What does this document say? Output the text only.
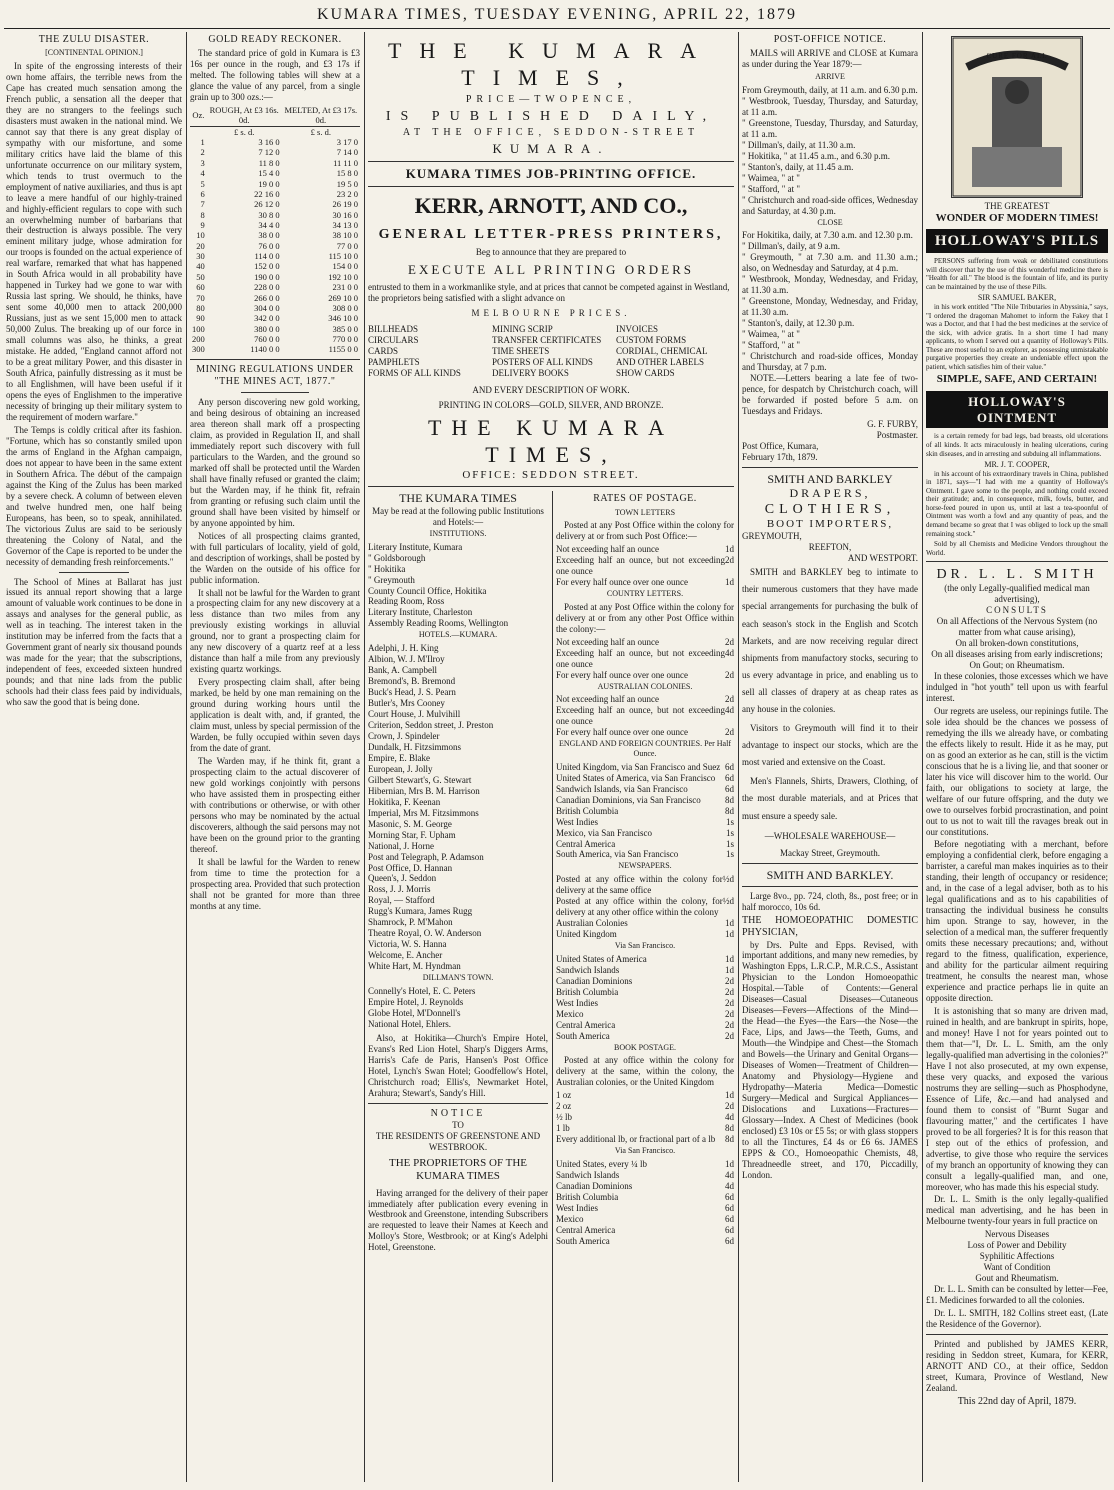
KUMARA TIMES, TUESDAY EVENING, APRIL 22, 1879
THE ZULU DISASTER.
[CONTINENTAL OPINION.]

In spite of the engrossing interests of their own home affairs, the terrible news from the Cape has created much sensation among the French public, a sensation all the deeper that they are no strangers to the feelings such disasters must awaken in the national mind. We cannot say that there is any great display of sympathy with our misfortune, and some military critics have laid the blame of this unfortunate occurrence on our military system, which tends to trust overmuch to the employment of native auxiliaries, and thus is apt to leave a mere handful of our highly-trained and highly-efficient regulars to cope with such an overwhelming number of barbarians that their destruction is always possible. The very eminent military judge, whose admiration for our troops is founded on the actual experience of real warfare, remarked that what has happened in South Africa would in all probability have happened in Turkey had we gone to war with Russia last spring. We should, he thinks, have sent some 40,000 men to attack 200,000 Russians, just as we sent 15,000 men to attack 50,000 Zulus. The breaking up of our force in small columns was also, he thinks, a great mistake. He added, "England cannot afford not to be a great military Power, and this disaster in South Africa, painfully distressing as it must be to all Englishmen, will have been useful if it opens the eyes of Englishmen to the imperative necessity of bringing up their military system to the requirement of modern warfare."

The Temps is coldly critical after its fashion. "Fortune, which has so constantly smiled upon the arms of England in the Afghan campaign, does not appear to have been in the same extent in Southern Africa. The début of the campaign against the King of the Zulus has been marked by a severe check. A column of between eleven and twelve hundred men, one half being Europeans, has been, so to speak, annihilated. The victorious Zulus are said to be seriously threatening the Colony of Natal, and the Governor of the Cape is reported to be under the necessity of demanding fresh reinforcements."

The School of Mines at Ballarat has just issued its annual report showing that a large amount of valuable work continues to be done in assays and analyses for the general public, as well as in teaching. The interest taken in the institution may be inferred from the facts that a Government grant of nearly six thousand pounds was made for the year; that the subscriptions, independent of fees, exceeded sixteen hundred pounds; and that nine lads from the public schools had their class fees paid by individuals, who saw the good that is being done.

GOLD READY RECKONER.

The standard price of gold in Kumara is £3 16s per ounce in the rough, and £3 17s if melted. The following tables will shew at a glance the value of any parcel, from a single grain up to 300 ozs.:—

Oz.	ROUGH, At £3 16s. 0d.	MELTED, At £3 17s. 0d.
	£ s. d.	£ s. d.
1	3 16 0	3 17 0
2	7 12 0	7 14 0
3	11 8 0	11 11 0
4	15 4 0	15 8 0
5	19 0 0	19 5 0
6	22 16 0	23 2 0
7	26 12 0	26 19 0
8	30 8 0	30 16 0
9	34 4 0	34 13 0
10	38 0 0	38 10 0
20	76 0 0	77 0 0
30	114 0 0	115 10 0
40	152 0 0	154 0 0
50	190 0 0	192 10 0
60	228 0 0	231 0 0
70	266 0 0	269 10 0
80	304 0 0	308 0 0
90	342 0 0	346 10 0
100	380 0 0	385 0 0
200	760 0 0	770 0 0
300	1140 0 0	1155 0 0
MINING REGULATIONS UNDER "THE MINES ACT, 1877."

Any person discovering new gold working, and being desirous of obtaining an increased area thereon shall mark off a prospecting claim, as provided in Regulation II, and shall immediately report such discovery with full particulars to the Warden, and the ground so marked off shall be protected until the Warden shall have finally refused or granted the claim; but the Warden may, if he think fit, refrain from granting or refusing such claim until the ground shall have been visited by himself or by anyone appointed by him.

Notices of all prospecting claims granted, with full particulars of locality, yield of gold, and description of workings, shall be posted by the Warden on the outside of his office for public information.

It shall not be lawful for the Warden to grant a prospecting claim for any new discovery at a less distance than two miles from any previously existing workings in alluvial ground, nor to grant a prospecting claim for any new discovery of a quartz reef at a less distance than half a mile from any previously existing quartz workings.

Every prospecting claim shall, after being marked, be held by one man remaining on the ground during working hours until the application is dealt with, and, if granted, the claim must, unless by special permission of the Warden, be fully occupied within seven days from the date of grant.

The Warden may, if he think fit, grant a prospecting claim to the actual discoverer of new gold workings conjointly with persons who have assisted them in prospecting either with contributions or otherwise, or with other persons who may be nominated by the actual discoverers, although the said persons may not have been on the ground prior to the granting thereof.

It shall be lawful for the Warden to renew from time to time the protection for a prospecting area. Provided that such protection shall not be granted for more than three months at any time.

THE KUMARA TIMES,
PRICE—TWOPENCE,
IS PUBLISHED DAILY,
AT THE OFFICE, SEDDON-STREET
KUMARA.
KUMARA TIMES JOB-PRINTING OFFICE.
KERR, ARNOTT, AND CO.,
GENERAL LETTER-PRESS PRINTERS,
Beg to announce that they are prepared to
EXECUTE ALL PRINTING ORDERS

entrusted to them in a workmanlike style, and at prices that cannot be competed against in Westland, the proprietors being satisfied with a slight advance on

MELBOURNE PRICES.
BILLHEADS	MINING SCRIP	INVOICES
CIRCULARS	TRANSFER CERTIFICATES	CUSTOM FORMS
CARDS	TIME SHEETS	CORDIAL, CHEMICAL
PAMPHLETS	POSTERS OF ALL KINDS	AND OTHER LABELS
FORMS OF ALL KINDS	DELIVERY BOOKS	SHOW CARDS
AND EVERY DESCRIPTION OF WORK.
PRINTING IN COLORS—GOLD, SILVER, AND BRONZE.
THE KUMARA TIMES,
OFFICE: SEDDON STREET.
THE KUMARA TIMES
May be read at the following public Institutions and Hotels:—
INSTITUTIONS.
Literary Institute, Kumara
" Goldsborough
" Hokitika
" Greymouth
County Council Office, Hokitika
Reading Room, Ross
Literary Institute, Charleston
Assembly Reading Rooms, Wellington
HOTELS.—KUMARA.
Adelphi, J. H. King
Albion, W. J. M'Ilroy
Bank, A. Campbell
Bremond's, B. Bremond
Buck's Head, J. S. Pearn
Butler's, Mrs Cooney
Court House, J. Mulvihill
Criterion, Seddon street, J. Preston
Crown, J. Spindeler
Dundalk, H. Fitzsimmons
Empire, E. Blake
European, J. Jolly
Gilbert Stewart's, G. Stewart
Hibernian, Mrs B. M. Harrison
Hokitika, F. Keenan
Imperial, Mrs M. Fitzsimmons
Masonic, S. M. George
Morning Star, F. Upham
National, J. Horne
Post and Telegraph, P. Adamson
Post Office, D. Hannan
Queen's, J. Seddon
Ross, J. J. Morris
Royal, — Stafford
Rugg's Kumara, James Rugg
Shamrock, P. M'Mahon
Theatre Royal, O. W. Anderson
Victoria, W. S. Hanna
Welcome, E. Ancher
White Hart, M. Hyndman
DILLMAN'S TOWN.
Connelly's Hotel, E. C. Peters
Empire Hotel, J. Reynolds
Globe Hotel, M'Donnell's
National Hotel, Ehlers.

Also, at Hokitika—Church's Empire Hotel, Evans's Red Lion Hotel, Sharp's Diggers Arms, Harris's Cafe de Paris, Hansen's Post Office Hotel, Lynch's Swan Hotel; Goodfellow's Hotel, Christchurch road; Ellis's, Newmarket Hotel, Arahura; Stewart's, Sandy's Hill.

NOTICE
TO
THE RESIDENTS OF GREENSTONE AND WESTBROOK.
THE PROPRIETORS OF THE KUMARA TIMES

Having arranged for the delivery of their paper immediately after publication every evening in Westbrook and Greenstone, intending Subscribers are requested to leave their Names at Keech and Molloy's Store, Westbrook; or at King's Adelphi Hotel, Greenstone.

RATES OF POSTAGE.
TOWN LETTERS

Posted at any Post Office within the colony for delivery at or from such Post Office:—

Not exceeding half an ounce	1d
Exceeding half an ounce, but not exceeding one ounce
2d
For every half ounce over one ounce	1d
COUNTRY LETTERS.

Posted at any Post Office within the colony for delivery at or from any other Post Office within the colony:—

Not exceeding half an ounce	2d
Exceeding half an ounce, but not exceeding one ounce
4d
For every half ounce over one ounce	2d
AUSTRALIAN COLONIES.
Not exceeding half an ounce	2d
Exceeding half an ounce, but not exceeding one ounce
4d
For every half ounce over one ounce	2d
ENGLAND AND FOREIGN COUNTRIES. Per Half Ounce.
United Kingdom, via San Francisco and Suez 6d
United States of America, via San Francisco 6d
Sandwich Islands, via San Francisco	6d
Canadian Dominions, via San Francisco	8d
British Columbia	8d
West Indies	1s
Mexico, via San Francisco	1s
Central America	1s
South America, via San Francisco	1s
NEWSPAPERS.
Posted at any office within the colony for delivery at the same office
½d
Posted at any office within the colony, for delivery at any other office within the colony
½d
Australian Colonies	1d
United Kingdom	1d
Via San Francisco.
United States of America	1d
Sandwich Islands	1d
Canadian Dominions	2d
British Columbia	2d
West Indies	2d
Mexico	2d
Central America	2d
South America	2d
BOOK POSTAGE.

Posted at any office within the colony for delivery at the same, within the colony, the Australian colonies, or the United Kingdom

1 oz	1d
2 oz	2d
½ lb	4d
1 lb	8d
Every additional lb, or fractional part of a lb 8d
Via San Francisco.
United States, every ¼ lb	1d
Sandwich Islands	4d
Canadian Dominions	4d
British Columbia	6d
West Indies	6d
Mexico	6d
Central America	6d
South America	6d
POST-OFFICE NOTICE.

MAILS will ARRIVE and CLOSE at Kumara as under during the Year 1879:—

ARRIVE
From Greymouth, daily, at 11 a.m. and 6.30 p.m.
" Westbrook, Tuesday, Thursday, and Saturday, at 11 a.m.
" Greenstone, Tuesday, Thursday, and Saturday, at 11 a.m.
" Dillman's, daily, at 11.30 a.m.
" Hokitika, " at 11.45 a.m., and 6.30 p.m.
" Stanton's, daily, at 11.45 a.m.
" Waimea, " at "
" Stafford, " at "
" Christchurch and road-side offices, Wednesday and Saturday, at 4.30 p.m.
CLOSE
For Hokitika, daily, at 7.30 a.m. and 12.30 p.m.
" Dillman's, daily, at 9 a.m.
" Greymouth, " at 7.30 a.m. and 11.30 a.m.; also, on Wednesday and Saturday, at 4 p.m.
" Westbrook, Monday, Wednesday, and Friday, at 11.30 a.m.
" Greenstone, Monday, Wednesday, and Friday, at 11.30 a.m.
" Stanton's, daily, at 12.30 p.m.
" Waimea, " at "
" Stafford, " at "
" Christchurch and road-side offices, Monday and Thursday, at 7 p.m.

NOTE.—Letters bearing a late fee of two-pence, for despatch by Christchurch coach, will be forwarded if posted before 5 a.m. on Tuesdays and Fridays.

G. F. FURBY,
Postmaster.
Post Office, Kumara,
February 17th, 1879.
SMITH AND BARKLEY
DRAPERS,
CLOTHIERS,
BOOT IMPORTERS,
GREYMOUTH,
REEFTON,
AND WESTPORT.

SMITH and BARKLEY beg to intimate to their numerous customers that they have made special arrangements for purchasing the bulk of each season's stock in the English and Scotch Markets, and are now receiving regular direct shipments from manufactory stocks, securing to us every advantage in price, and enabling us to sell all classes of drapery at as cheap rates as any house in the colonies.

Visitors to Greymouth will find it to their advantage to inspect our stocks, which are the most varied and extensive on the Coast.

Men's Flannels, Shirts, Drawers, Clothing, of the most durable materials, and at Prices that must ensure a speedy sale.

—WHOLESALE WAREHOUSE—
Mackay Street, Greymouth.
SMITH AND BARKLEY.

Large 8vo., pp. 724, cloth, 8s., post free; or in half morocco, 10s 6d.

THE HOMOEOPATHIC DOMESTIC PHYSICIAN,

by Drs. Pulte and Epps. Revised, with important additions, and many new remedies, by Washington Epps, L.R.C.P., M.R.C.S., Assistant Physician to the London Homoeopathic Hospital.—Table of Contents:—General Diseases—Casual Diseases—Cutaneous Diseases—Fevers—Affections of the Mind—the Head—the Eyes—the Ears—the Nose—the Face, Lips, and Jaws—the Teeth, Gums, and Mouth—the Windpipe and Chest—the Stomach and Bowels—the Urinary and Genital Organs—Diseases of Women—Treatment of Children—Anatomy and Physiology—Hygiene and Hydropathy—Materia Medica—Domestic Surgery—Medical and Surgical Appliances—Dislocations and Luxations—Fractures—Glossary—Index. A Chest of Medicines (book enclosed) £3 10s or £5 5s; or with glass stoppers to all the Tinctures, £4 4s or £6 6s. JAMES EPPS & CO., Homoeopathic Chemists, 48, Threadneedle street, and 170, Piccadilly, London.

CURE FOR ALL
THE GREATEST
WONDER OF MODERN TIMES!
HOLLOWAY'S PILLS

PERSONS suffering from weak or debilitated constitutions will discover that by the use of this wonderful medicine there is "Health for all." The blood is the fountain of life, and its purity can be maintained by the use of these Pills.

SIR SAMUEL BAKER,

in his work entitled "The Nile Tributaries in Abyssinia," says, "I ordered the dragoman Mahomet to inform the Fakey that I was a Doctor, and that I had the best medicines at the service of the sick, with advice gratis. In a short time I had many applicants, to whom I served out a quantity of Holloway's Pills. These are most useful to an explorer, as possessing unmistakable purgative properties they create an undeniable effect upon the patient, which satisfies him of their value."

SIMPLE, SAFE, AND CERTAIN!
HOLLOWAY'S OINTMENT

is a certain remedy for bad legs, bad breasts, old ulcerations of all kinds. It acts miraculously in healing ulcerations, curing skin diseases, and in arresting and subduing all inflammations.

MR. J. T. COOPER,

in his account of his extraordinary travels in China, published in 1871, says—"I had with me a quantity of Holloway's Ointment. I gave some to the people, and nothing could exceed their gratitude; and, in consequence, milk, fowls, butter, and horse-feed poured in upon us, until at last a tea-spoonful of Ointment was worth a fowl and any quantity of peas, and the demand became so great that I was obliged to lock up the small remaining stock."

Sold by all Chemists and Medicine Vendors throughout the World.

DR. L. L. SMITH
(the only Legally-qualified medical man advertising),
CONSULTS
On all Affections of the Nervous System (no matter from what cause arising),
On all broken-down constitutions,
On all diseases arising from early indiscretions;
On Gout; on Rheumatism.

In these colonies, those excesses which we have indulged in "hot youth" tell upon us with fearful interest.

Our regrets are useless, our repinings futile. The sole idea should be the chances we possess of remedying the ills we already have, or combating the effects likely to result. Hide it as he may, put on as good an exterior as he can, still is the victim conscious that he is a living lie, and that sooner or later his vice will discover him to the world. Our faith, our obligations to society at large, the welfare of our future offspring, and the duty we owe to ourselves forbid procrastination, and point out to us not to wait till the ravages break out in our constitutions.

Before negotiating with a merchant, before employing a confidential clerk, before engaging a barrister, a careful man makes inquiries as to their standing, their length of occupancy or residence; and, in the case of a legal adviser, both as to his legal qualifications and as to his capabilities of transacting the individual business he consults him upon. Strange to say, however, in the selection of a medical man, the sufferer frequently omits these necessary precautions; and, without regard to the fitness, qualification, experience, and ability for the particular ailment requiring treatment, he consults the nearest man, whose experience and practice perhaps lie in quite an opposite direction.

It is astonishing that so many are driven mad, ruined in health, and are bankrupt in spirits, hope, and money! Have I not for years pointed out to them that—"I, Dr. L. L. Smith, am the only legally-qualified man advertising in the colonies?" Have I not also prosecuted, at my own expense, these very quacks, and exposed the various nostrums they are selling—such as Phosphodyne, Essence of Life, &c.—and had analysed and found them to consist of "Burnt Sugar and flavouring matter," and the certificates I have proved to be all forgeries? It is for this reason that I step out of the ethics of profession, and advertise, to give those who require the services of my branch an opportunity of knowing they can consult a legally-qualified man, and one, moreover, who has made this his especial study.

Dr. L. L. Smith is the only legally-qualified medical man advertising, and he has been in Melbourne twenty-four years in full practice on

Nervous Diseases
Loss of Power and Debility
Syphilitic Affections
Want of Condition
Gout and Rheumatism.

Dr. L. L. Smith can be consulted by letter—Fee, £1. Medicines forwarded to all the colonies.

Dr. L. L. SMITH, 182 Collins street east, (Late the Residence of the Governor).

Printed and published by JAMES KERR, residing in Seddon street, Kumara, for KERR, ARNOTT AND CO., at their office, Seddon street, Kumara, Province of Westland, New Zealand.

This 22nd day of April, 1879.
